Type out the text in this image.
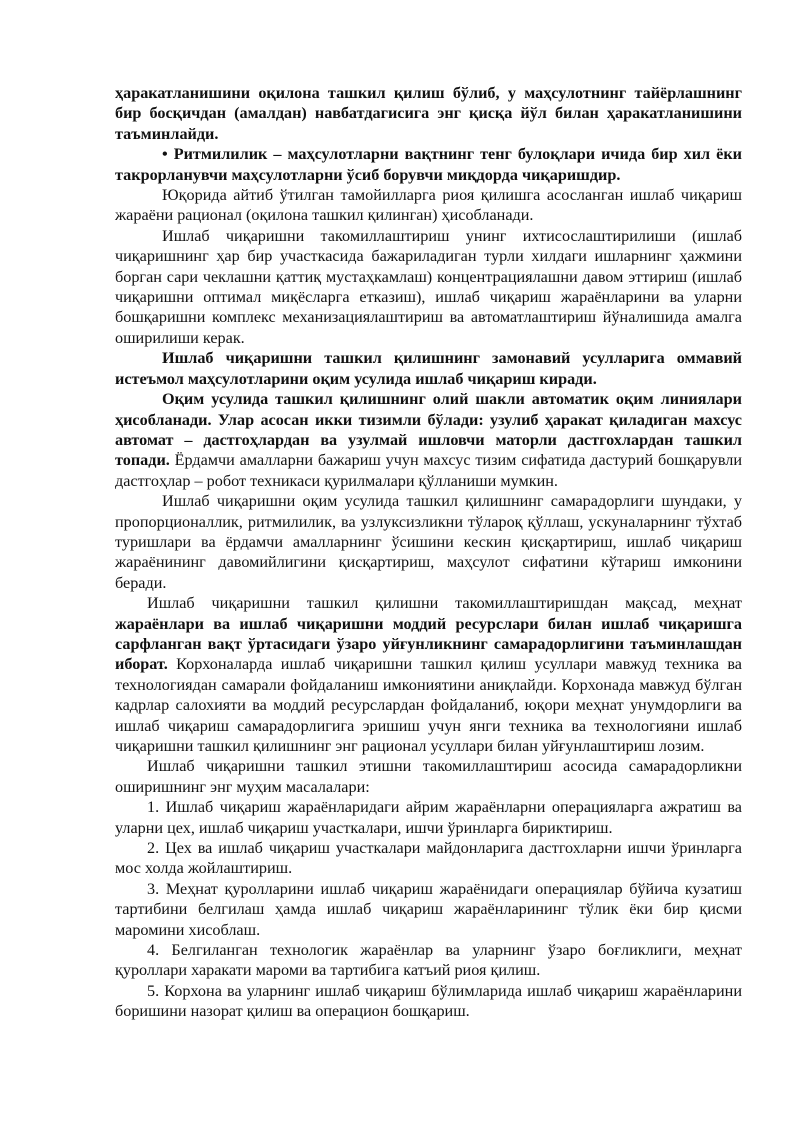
ҳаракатланишини оқилона ташкил қилиш бўлиб, у маҳсулотнинг тайёрлашнинг бир босқичдан (амалдан) навбатдагисига энг қисқа йўл билан ҳаракатланишини таъминлайди.

• Ритмилилик – маҳсулотларни вақтнинг тенг булоқлари ичида бир хил ёки такрорланувчи маҳсулотларни ўсиб борувчи миқдорда чиқаришдир.

Юқорида айтиб ўтилган тамойилларга риоя қилишга асосланган ишлаб чиқариш жараёни рационал (оқилона ташкил қилинган) ҳисобланади.

Ишлаб чиқаришни такомиллаштириш унинг ихтисослаштирилиши (ишлаб чиқаришнинг ҳар бир участкасида бажариладиган турли хилдаги ишларнинг ҳажмини борган сари чеклашни қаттиқ мустаҳкамлаш) концентрациялашни давом эттириш (ишлаб чиқаришни оптимал миқёсларга етказиш), ишлаб чиқариш жараёнларини ва уларни бошқаришни комплекс механизациялаштириш ва автоматлаштириш йўналишида амалга оширилиши керак.

Ишлаб чиқаришни ташкил қилишнинг замонавий усулларига оммавий истеъмол маҳсулотларини оқим усулида ишлаб чиқариш киради.

Оқим усулида ташкил қилишнинг олий шакли автоматик оқим линиялари ҳисобланади. Улар асосан икки тизимли бўлади: узулиб ҳаракат қиладиган махсус автомат – дастгоҳлардан ва узулмай ишловчи маторли дастгохлардан ташкил топади. Ёрдамчи амалларни бажариш учун махсус тизим сифатида дастурий бошқарувли дастгоҳлар – робот техникаси қурилмалари қўлланиши мумкин.

Ишлаб чиқаришни оқим усулида ташкил қилишнинг самарадорлиги шундаки, у пропорционаллик, ритмилилик, ва узлуксизликни тўлароқ қўллаш, ускуналарнинг тўхтаб туришлари ва ёрдамчи амалларнинг ўсишини кескин қисқартириш, ишлаб чиқариш жараёнининг давомийлигини қисқартириш, маҳсулот сифатини кўтариш имконини беради.

Ишлаб чиқаришни ташкил қилишни такомиллаштиришдан мақсад, меҳнат жараёнлари ва ишлаб чиқаришни моддий ресурслари билан ишлаб чиқаришга сарфланган вақт ўртасидаги ўзаро уйғунликнинг самарадорлигини таъминлашдан иборат. Корхоналарда ишлаб чиқаришни ташкил қилиш усуллари мавжуд техника ва технологиядан самарали фойдаланиш имкониятини аниқлайди. Корхонада мавжуд бўлган кадрлар салохияти ва моддий ресурслардан фойдаланиб, юқори меҳнат унумдорлиги ва ишлаб чиқариш самарадорлигига эришиш учун янги техника ва технологияни ишлаб чиқаришни ташкил қилишнинг энг рационал усуллари билан уйғунлаштириш лозим.

Ишлаб чиқаришни ташкил этишни такомиллаштириш асосида самарадорликни оширишнинг энг муҳим масалалари:

1. Ишлаб чиқариш жараёнларидаги айрим жараёнларни операцияларга ажратиш ва уларни цех, ишлаб чиқариш участкалари, ишчи ўринларга бириктириш.

2. Цех ва ишлаб чиқариш участкалари майдонларига дастгохларни ишчи ўринларга мос холда жойлаштириш.

3. Меҳнат қуролларини ишлаб чиқариш жараёнидаги операциялар бўйича кузатиш тартибини белгилаш ҳамда ишлаб чиқариш жараёнларининг тўлик ёки бир қисми маромини хисоблаш.

4. Белгиланган технологик жараёнлар ва уларнинг ўзаро боғликлиги, меҳнат қуроллари харакати мароми ва тартибига катъий риоя қилиш.

5. Корхона ва уларнинг ишлаб чиқариш бўлимларида ишлаб чиқариш жараёнларини боришини назорат қилиш ва операцион бошқариш.
